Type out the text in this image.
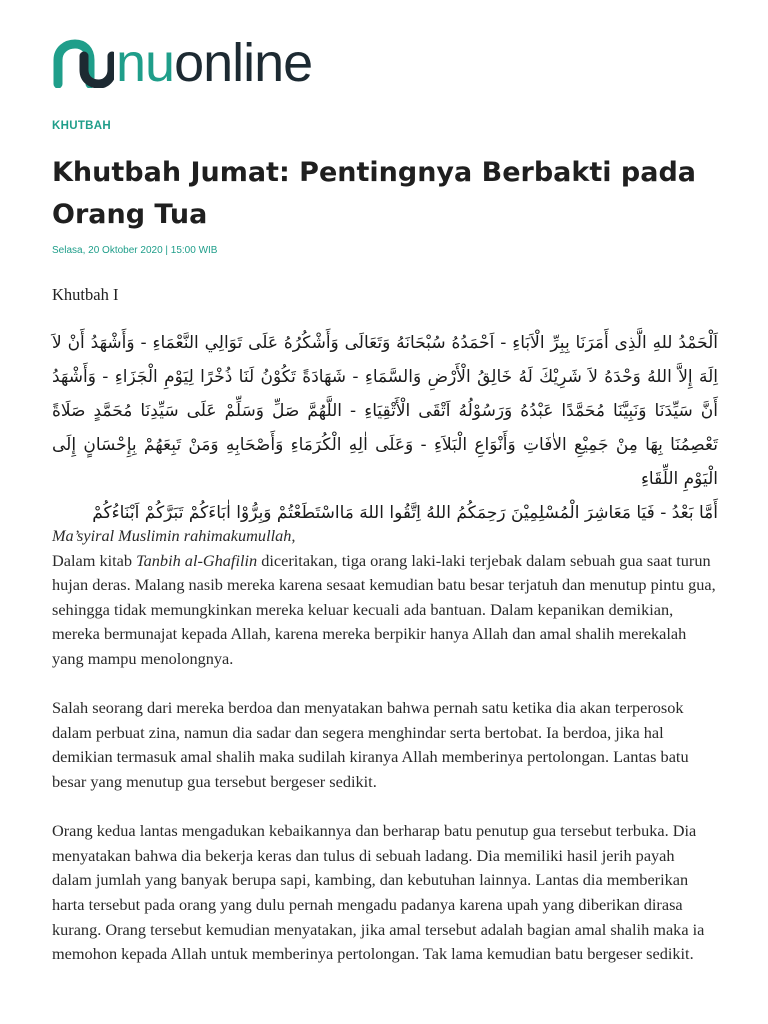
nuonline
KHUTBAH
Khutbah Jumat: Pentingnya Berbakti pada Orang Tua
Selasa, 20 Oktober 2020 | 15:00 WIB
Khutbah I

اَلْحَمْدُ للهِ الَّذِى أَمَرَنَا بِبِرِّ الْاَبَاءِ - اَحْمَدُهُ سُبْحَانَهُ وَتَعَالَى وَأَشْكُرُهُ عَلَى تَوَالِي النَّعْمَاءِ - وَأَشْهَدُ أَنْ لاَ اِلَهَ إِلاَّ اللهُ وَحْدَهُ لاَ شَرِيْكَ لَهُ خَالِقُ الْأَرْضِ وَالسَّمَاءِ - شَهَادَةً تَكُوْنُ لَنَا ذُخْرًا لِيَوْمِ الْجَزَاءِ - وَأَشْهَدُ أَنَّ سَيِّدَنَا وَنَبِيَّنَا مُحَمَّدًا عَبْدُهُ وَرَسُوْلُهُ اَتْقَى الْأَتْقِيَاءِ - اللَّهُمَّ صَلِّ وَسَلِّمْ عَلَى سَيِّدِنَا مُحَمَّدٍ صَلَاةً تَعْصِمُنَا بِهَا مِنْ جَمِيْعِ الاٰفَاتِ وَأَنْوَاعِ الْبَلاَءِ - وَعَلَى اٰلِهِ الْكُرَمَاءِ وَأَصْحَابِهِ وَمَنْ تَبِعَهُمْ بِإِحْسَانٍ إِلَى الْيَوْمِ اللِّقَاءِ

أَمَّا بَعْدُ - فَيَا مَعَاشِرَ الْمُسْلِمِيْنَ رَحِمَكُمُ اللهُ اِتَّقُوا اللهَ مَااسْتَطَعْتُمْ وَبِرُّوْا اٰبَاءَكُمْ تَبَرَّكُمْ اَبْنَاءُكُمْ

Ma’syiral Muslimin rahimakumullah,

Dalam kitab Tanbih al-Ghafilin diceritakan, tiga orang laki-laki terjebak dalam sebuah gua saat turun hujan deras. Malang nasib mereka karena sesaat kemudian batu besar terjatuh dan menutup pintu gua, sehingga tidak memungkinkan mereka keluar kecuali ada bantuan. Dalam kepanikan demikian, mereka bermunajat kepada Allah, karena mereka berpikir hanya Allah dan amal shalih merekalah yang mampu menolongnya.

Salah seorang dari mereka berdoa dan menyatakan bahwa pernah satu ketika dia akan terperosok dalam perbuat zina, namun dia sadar dan segera menghindar serta bertobat. Ia berdoa, jika hal demikian termasuk amal shalih maka sudilah kiranya Allah memberinya pertolongan. Lantas batu besar yang menutup gua tersebut bergeser sedikit.

Orang kedua lantas mengadukan kebaikannya dan berharap batu penutup gua tersebut terbuka. Dia menyatakan bahwa dia bekerja keras dan tulus di sebuah ladang. Dia memiliki hasil jerih payah dalam jumlah yang banyak berupa sapi, kambing, dan kebutuhan lainnya. Lantas dia memberikan harta tersebut pada orang yang dulu pernah mengadu padanya karena upah yang diberikan dirasa kurang. Orang tersebut kemudian menyatakan, jika amal tersebut adalah bagian amal shalih maka ia memohon kepada Allah untuk memberinya pertolongan. Tak lama kemudian batu bergeser sedikit.
